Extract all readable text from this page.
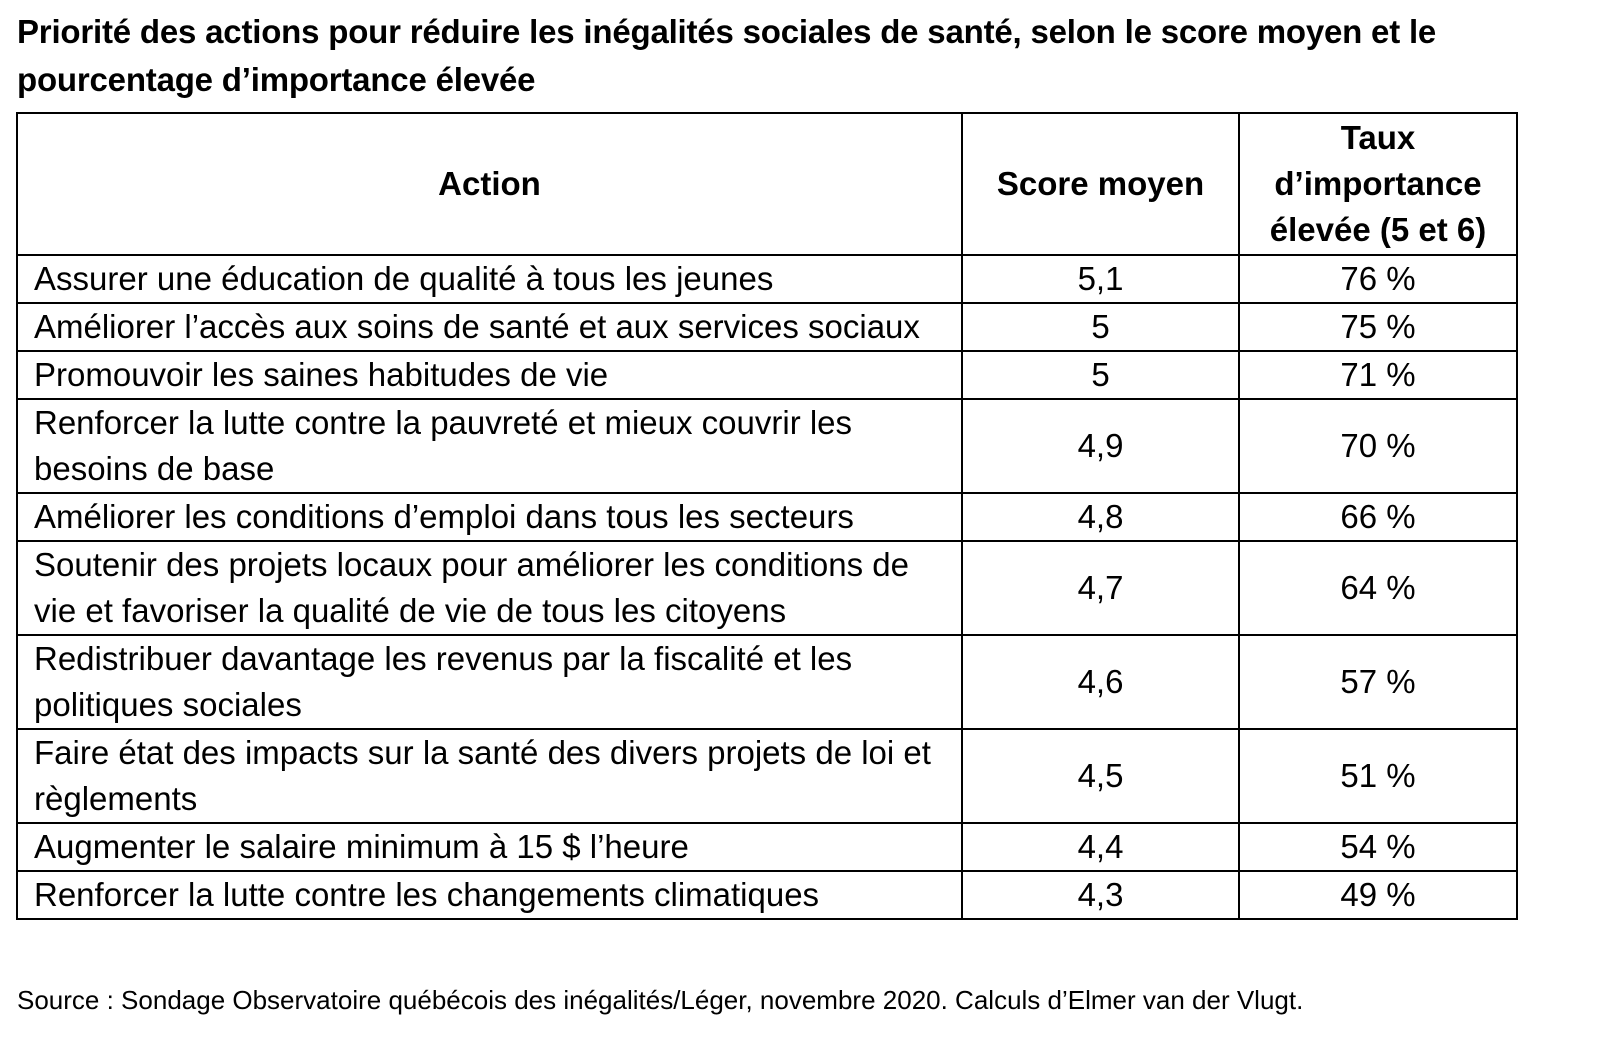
Priorité des actions pour réduire les inégalités sociales de santé, selon le score moyen et le pourcentage d’importance élevée
Action	Score moyen	Taux d’importance élevée (5 et 6)
Assurer une éducation de qualité à tous les jeunes	5,1	76 %
Améliorer l’accès aux soins de santé et aux services sociaux	5	75 %
Promouvoir les saines habitudes de vie	5	71 %
Renforcer la lutte contre la pauvreté et mieux couvrir les besoins de base	4,9	70 %
Améliorer les conditions d’emploi dans tous les secteurs	4,8	66 %
Soutenir des projets locaux pour améliorer les conditions de vie et favoriser la qualité de vie de tous les citoyens	4,7	64 %
Redistribuer davantage les revenus par la fiscalité et les politiques sociales	4,6	57 %
Faire état des impacts sur la santé des divers projets de loi et règlements	4,5	51 %
Augmenter le salaire minimum à 15 $ l’heure	4,4	54 %
Renforcer la lutte contre les changements climatiques	4,3	49 %
Source : Sondage Observatoire québécois des inégalités/Léger, novembre 2020. Calculs d’Elmer van der Vlugt.
